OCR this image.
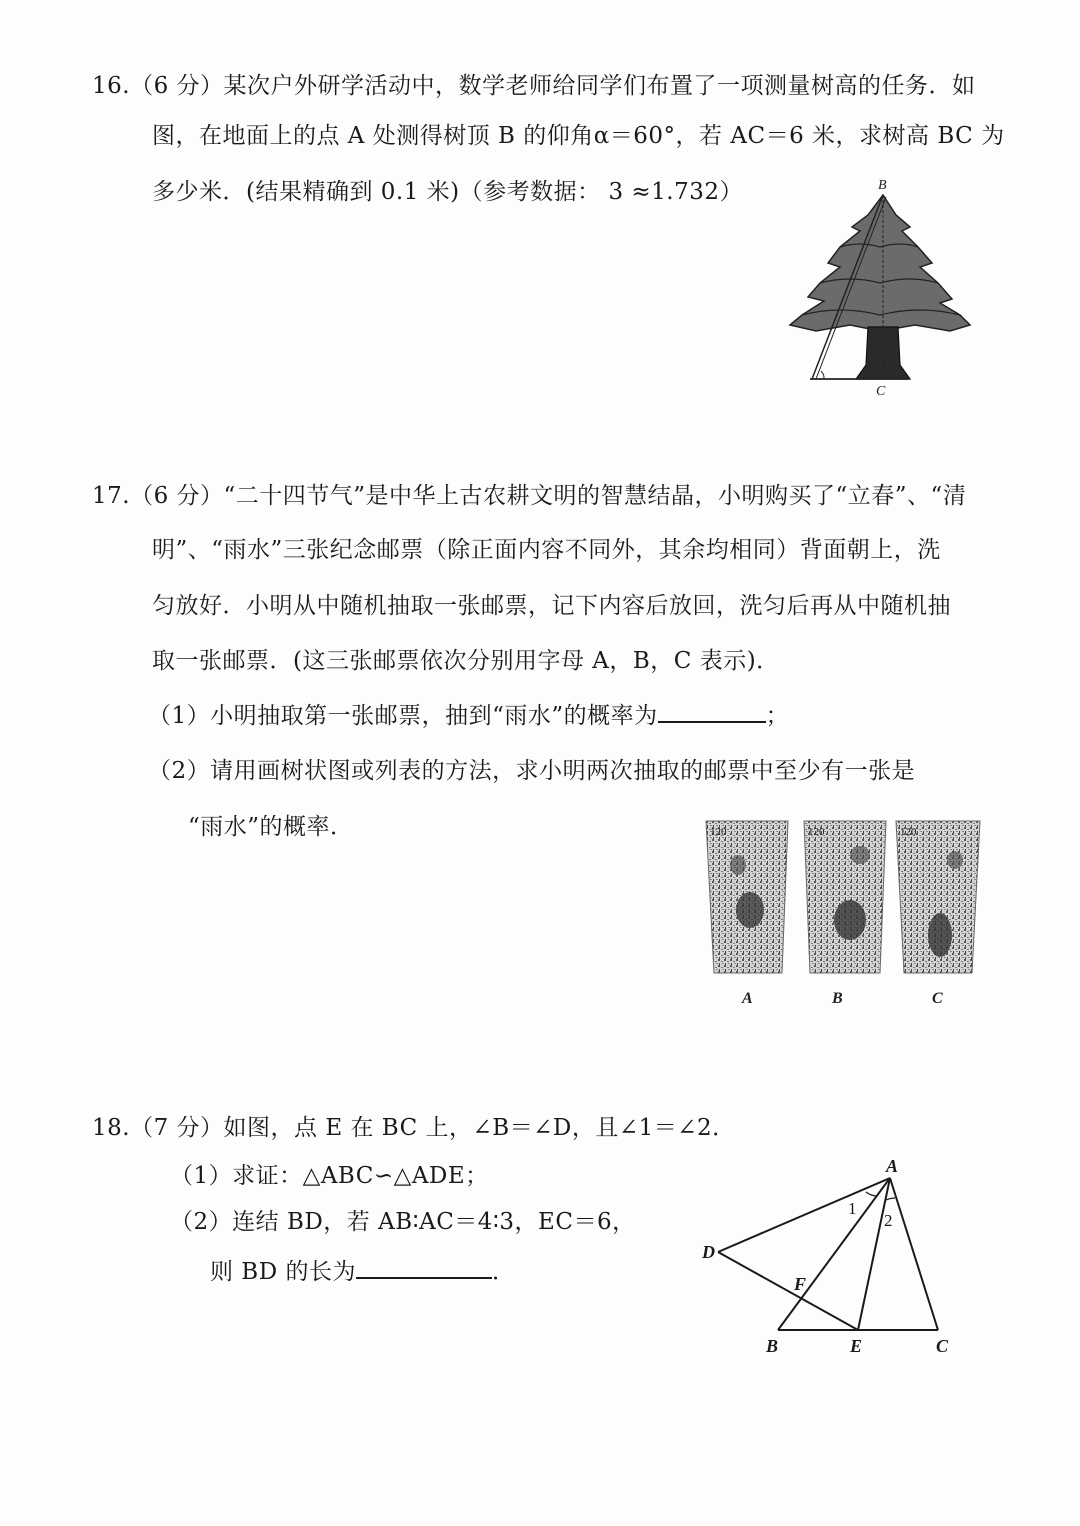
16.（6 分）某次户外研学活动中，数学老师给同学们布置了一项测量树高的任务．如
图，在地面上的点 A 处测得树顶 B 的仰角α＝60°，若 AC＝6 米，求树高 BC 为
多少米．(结果精确到 0.1 米)（参考数据： 3 ≈1.732）	B
C
17.（6 分）“二十四节气”是中华上古农耕文明的智慧结晶，小明购买了“立春”、“清
明”、“雨水”三张纪念邮票（除正面内容不同外，其余均相同）背面朝上，洗
匀放好．小明从中随机抽取一张邮票，记下内容后放回，洗匀后再从中随机抽
取一张邮票．(这三张邮票依次分别用字母 A，B，C 表示)．
（1）小明抽取第一张邮票，抽到“雨水”的概率为	；
（2）请用画树状图或列表的方法，求小明两次抽取的邮票中至少有一张是
“雨水”的概率．	120	120	120
A	B	C
18.（7 分）如图，点 E 在 BC 上，∠B＝∠D，且∠1＝∠2．
（1）求证：△ABC∽△ADE；
（2）连结 BD，若 AB∶AC＝4∶3，EC＝6，
则 BD 的长为	．
A
B	C
D
E
F
1
2
